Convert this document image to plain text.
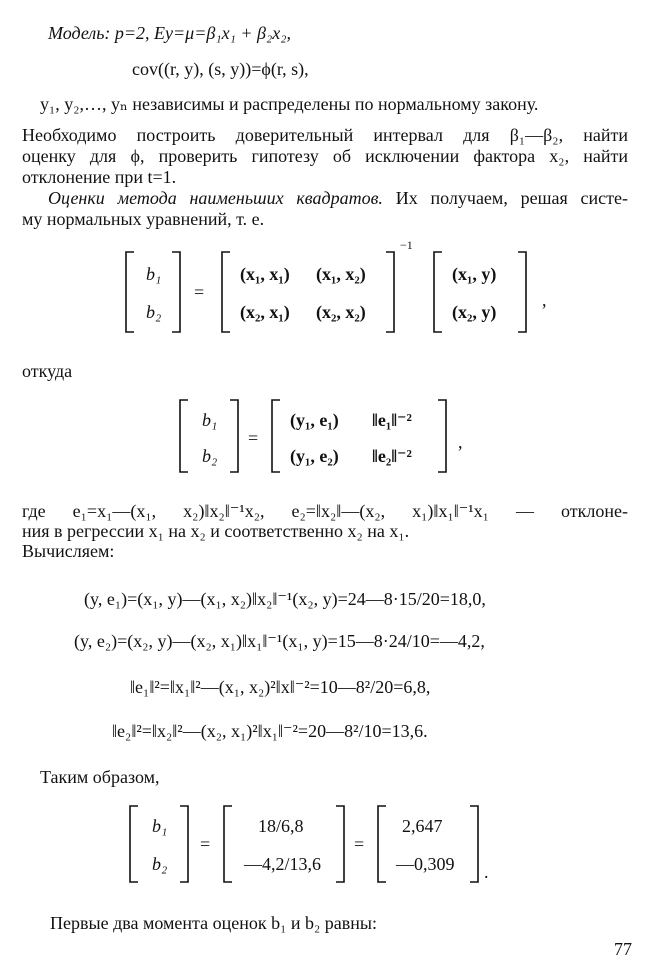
Модель: p=2, Ey=μ=β₁x₁ + β₂x₂,
cov((r, y), (s, y))=ϕ(r, s),
y₁, y₂,…, yₙ независимы и распределены по нормальному закону.
Необходимо построить доверительный интервал для β₁—β₂, найти
оценку для ϕ, проверить гипотезу об исключении фактора x₂, найти
отклонение при t=1.
Оценки метода наименьших квадратов. Их получаем, решая систе-
му нормальных уравнений, т. е.
b₁
b₂
=
(x₁, x₁) (x₁, x₂)
(x₂, x₁) (x₂, x₂)
−1
(x₁, y)
(x₂, y)
,
откуда
b₁
b₂
=
(y₁, e₁) ‖e₁‖⁻²
(y₁, e₂) ‖e₂‖⁻²
,
где e₁=x₁—(x₁, x₂)‖x₂‖⁻¹x₂, e₂=‖x₂‖—(x₂, x₁)‖x₁‖⁻¹x₁ — отклоне-
ния в регрессии x₁ на x₂ и соответственно x₂ на x₁.
Вычисляем:
(y, e₁)=(x₁, y)—(x₁, x₂)‖x₂‖⁻¹(x₂, y)=24—8·15/20=18,0,
(y, e₂)=(x₂, y)—(x₂, x₁)‖x₁‖⁻¹(x₁, y)=15—8·24/10=—4,2,
‖e₁‖²=‖x₁‖²—(x₁, x₂)²‖x‖⁻²=10—8²/20=6,8,
‖e₂‖²=‖x₂‖²—(x₂, x₁)²‖x₁‖⁻²=20—8²/10=13,6.
Таким образом,
b₁
b₂
=
18/6,8
—4,2/13,6
=
2,647
—0,309 .
Первые два момента оценок b₁ и b₂ равны:
77
